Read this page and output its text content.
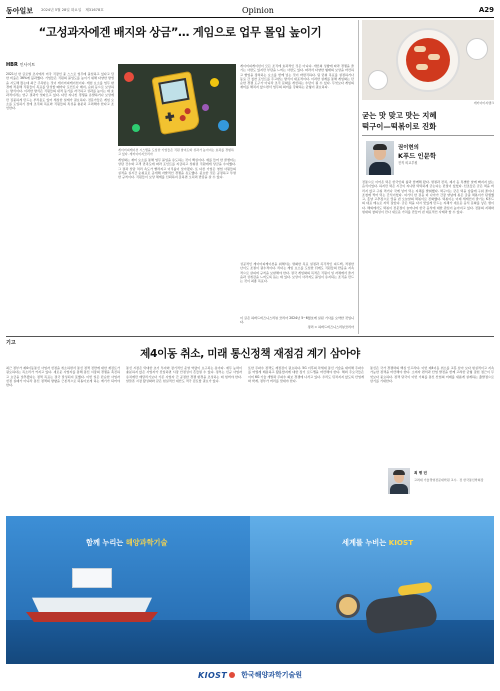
동아일보 2024년 5월 28일 화요일 제31678호	Opinion	A29
“고성과자에겐 배지와 상금”… 게임으로 업무 몰입 높이기
HBR 인사이트
2021년 한 글로벌 조사에서 미국 직장인 중 스스로 업무에 몰입하고 있다고 답한 비율은 36%에 불과했다. 기업들은 직원의 몰입도를 높이기 위해 다양한 방법을 시도해 왔는데 최근 주목받는 것이 게이미피케이션이다. 게임 요소를 업무 환경에 적용해 직원들이 목표를 달성할 때마다 포인트나 배지, 순위 등으로 보상하는 방식이다. 이러한 방식은 직원들의 내적 동기를 자극하고 성과를 높이는 데 효과적이라는 연구 결과가 잇따르고 있다. 다만 지나친 경쟁을 유발하거나 보상에만 집중하게 만드는 부작용도 있어 세심한 설계가 필요하다. 전문가들은 게임 요소를 도입하기 전에 조직의 목표와 직원들의 특성을 충분히 고려해야 한다고 조언한다.
게이미피케이션 시스템을 도입한 기업들은 직원 참여도와 성과가 높아지는 효과를 경험하고 있다. 게티이미지코리아
게임화는 재미 요소를 통해 업무 몰입을 유도하는 것이 핵심이다. 예를 들어 한 콜센터는 상담 건수와 고객 만족도에 따라 포인트를 지급하고 상위권 직원에게 상금을 수여했다. 그 결과 상담 처리 속도가 빨라지고 이직률이 낮아졌다. 또 다른 기업은 영업 사원들의 실적을 실시간 순위표로 공개해 자발적인 경쟁을 유도했다. 중요한 것은 공정하고 투명한 규칙이다. 직원들이 보상 체계를 신뢰하지 못하면 오히려 반감을 살 수 있다.
게이미피케이션이 모든 조직에 효과적인 것은 아니다. 개인의 성향에 따라 경쟁을 즐기는 사람도 있지만 부담을 느끼는 사람도 있다. 따라서 다양한 형태의 보상을 마련하고 협업을 장려하는 요소를 함께 넣는 것이 바람직하다. 팀 단위 목표를 설정하거나 동료 간 칭찬 포인트를 주고받는 방식이 대표적이다. 이러한 설계를 통해 게임화는 단순한 경쟁 도구가 아니라 조직 문화를 개선하는 수단이 될 수 있다. 무엇보다 게임의 재미를 해치지 않으면서 업무의 의미를 강화하는 균형이 필요하다.
성공적인 게이미피케이션을 위해서는 명확한 목표 설정과 즉각적인 피드백, 적절한 난이도 조절이 필수적이다. 리더는 게임 요소를 도입한 뒤에도 직원들의 반응을 지속적으로 살피며 규칙을 보완해야 한다. 결국 게임화의 목적은 직원이 일 자체에서 즐거움과 성취감을 느끼도록 돕는 데 있다. 보상이 사라져도 몰입이 유지되는 조직을 만드는 것이 최종 목표다.
이 글은 하버드비즈니스리뷰 코리아 2024년 5~6월호에 실린 기사를 요약한 것입니다.
정리 = 하버드비즈니스리뷰코리아
게티이미지뱅크
굳는 맛 맞고 맛는 지혜
떡구이—떡볶이로 진화
권이현의
K푸드 인문학
전직 외교부원
전통으로 이어온 떡은 한국인의 삶과 함께해 왔다. 명절과 잔치, 제사 등 특별한 날에 빠지지 않는 음식이었다. 하지만 떡은 시간이 지나면 딱딱하게 굳는다는 단점이 있었다. 선조들은 굳은 떡을 버리지 않고 구워 먹거나 국에 넣어 먹는 지혜를 발휘했다. 떡구이는 굳은 떡을 숯불에 구워 꿀이나 조청에 찍어 먹는 간식이었다. 여기서 한 걸음 더 나아가 간장 양념에 볶은 궁중 떡볶이가 탄생했고, 훗날 고추장으로 맛을 낸 오늘날의 떡볶이로 진화했다. 떡볶이는 이제 세계인이 즐기는 K푸드의 대표 메뉴로 자리 잡았다. 굳은 떡을 다시 맛있게 만드는 지혜가 새로운 음식 문화를 낳은 셈이다. 해외에서도 떡볶이 전문점이 늘어나며 한국 음식에 대한 관심이 높아지고 있다. 전통의 지혜와 현대의 창의성이 만나 새로운 가치를 만들어 낸 대표적인 사례라 할 수 있다.
기고
제4이동 취소, 미래 통신정책 재점검 계기 삼아야
최근 정부가 제4이동통신 사업자 선정을 취소하면서 통신 정책 전반에 대한 재검토가 필요하다는 목소리가 커지고 있다. 새로운 사업자를 통해 통신 시장의 경쟁을 촉진하고 요금을 낮추겠다는 정책 목표는 결국 달성되지 못했다. 이번 일은 단순한 사업자 선정 실패가 아니라 통신 정책의 방향을 근본적으로 되돌아보게 하는 계기가 되어야 한다.
통신 시장은 막대한 초기 투자와 장기적인 운영 역량이 요구되는 분야다. 재무 능력이 충분하지 않은 사업자가 진입하면 시장 안정성이 흔들릴 수 있다. 정부는 신규 사업자 유치에만 매달리기보다 기존 사업자 간 공정한 경쟁 환경을 조성하는 데 힘써야 한다. 알뜰폰 시장 활성화와 같은 현실적인 대안도 적극 검토할 필요가 있다.
또한 주파수 정책도 재점검이 필요하다. 5G 이후의 차세대 통신 기술을 대비해 주파수를 어떻게 배분하고 활용할지에 대한 장기 로드맵을 마련해야 한다. 해외 주요국들은 이미 6G 기술 개발과 주파수 확보 경쟁에 나서고 있다. 우리도 뒤처지지 않도록 산업계와 학계, 정부가 머리를 맞대야 한다.
통신은 국가 경쟁력의 핵심 인프라다. 이번 제4이동 취소를 교훈 삼아 보다 현실적이고 지속 가능한 정책을 마련해야 한다. 소비자 편익과 산업 발전을 함께 고려한 균형 잡힌 접근이 무엇보다 중요하다. 정책 당국이 이번 기회를 통신 산업의 미래를 새롭게 설계하는 출발점으로 삼기를 기대한다.
최 병 민
고려대 기술경영전문대학원 교수 · 전 한국통신학회장
함께 누리는 해양과학기술	세계를 누비는 KIOST
KIOST 한국해양과학기술원
